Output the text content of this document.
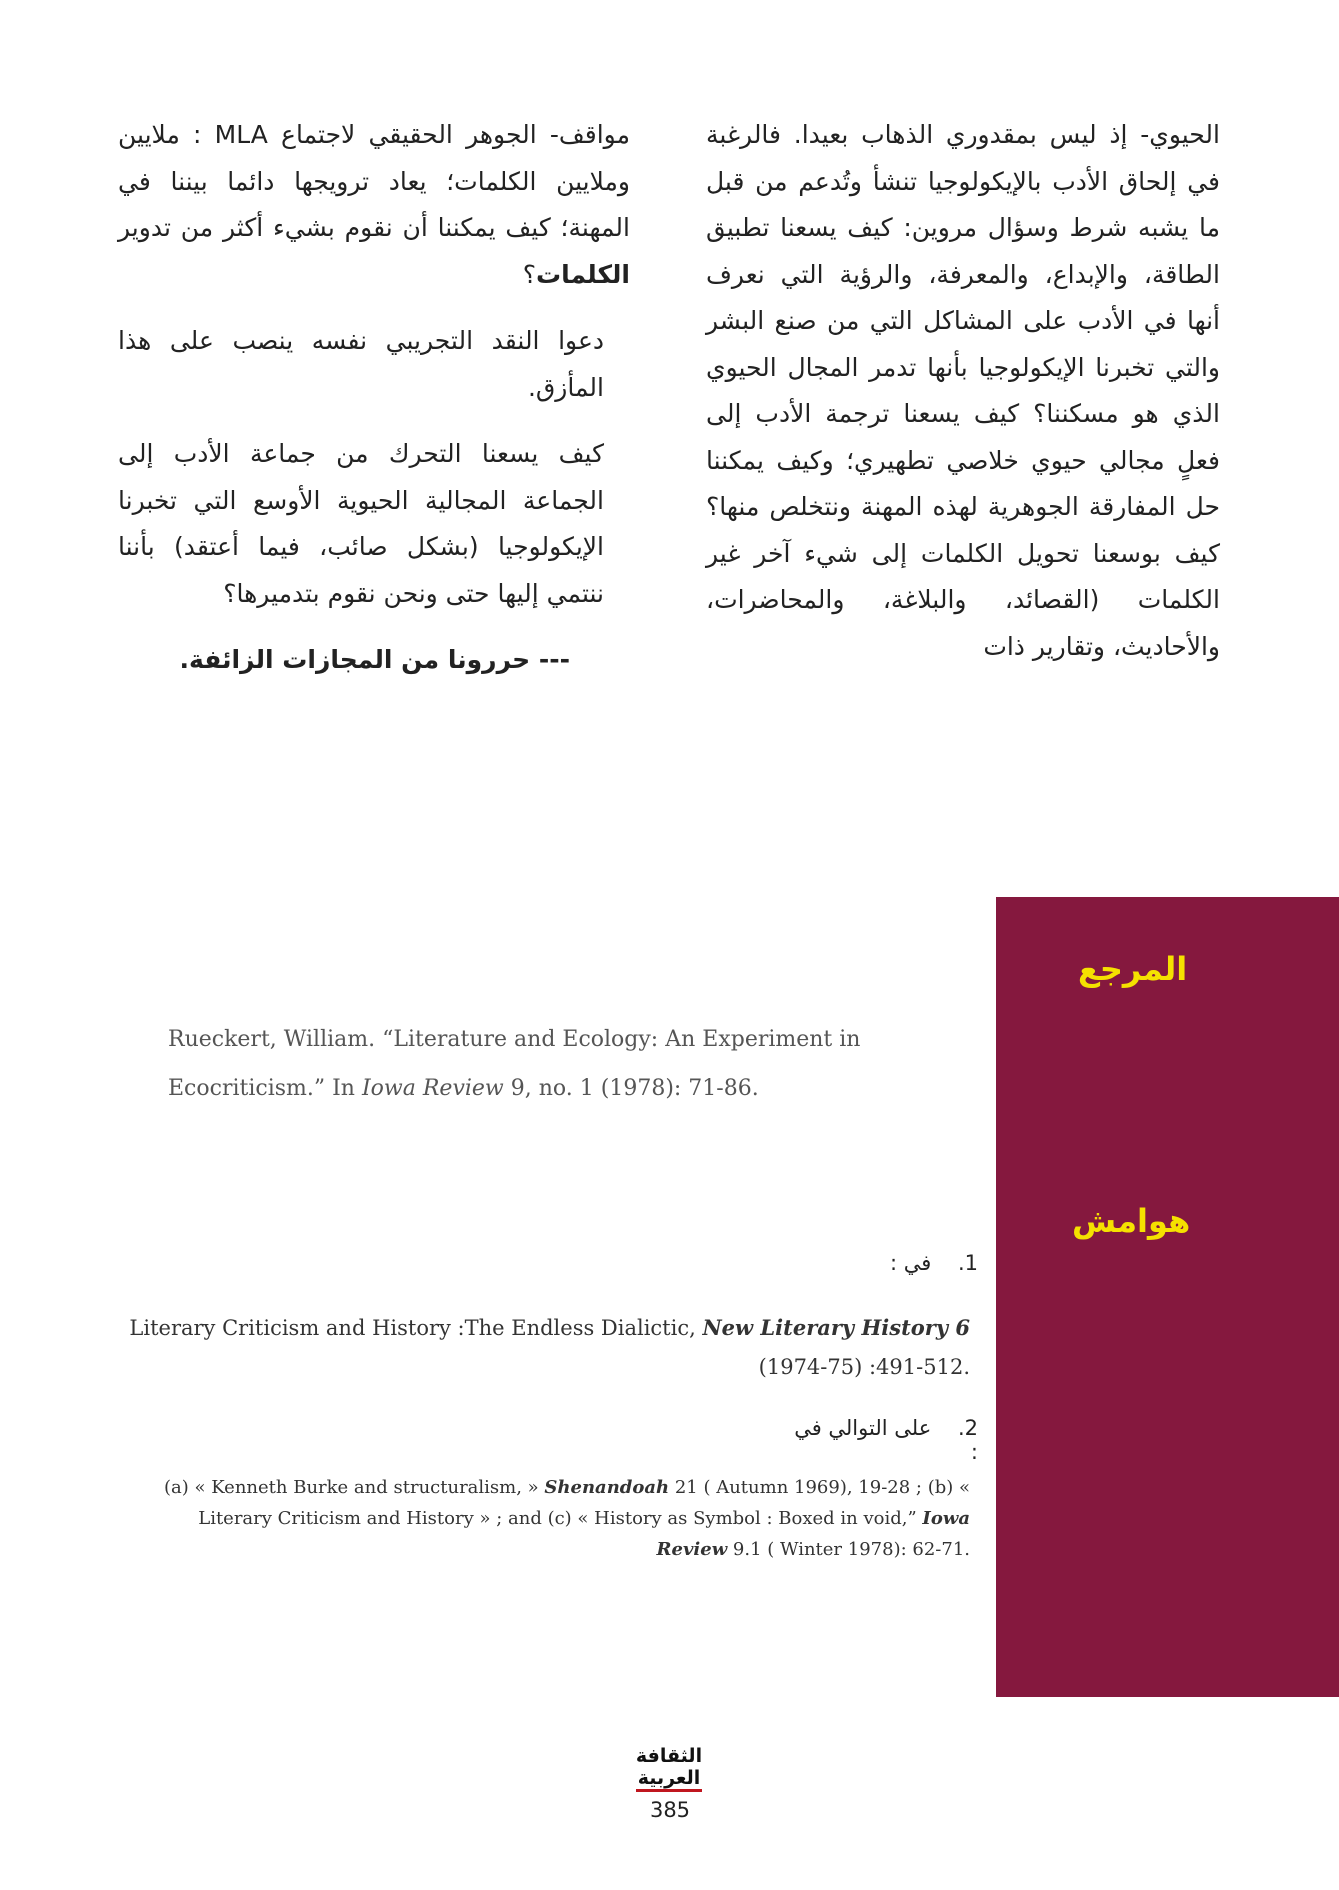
الحيوي- إذ ليس بمقدوري الذهاب بعيدا. فالرغبة في إلحاق الأدب بالإيكولوجيا تنشأ وتُدعم من قبل ما يشبه شرط وسؤال مروين: كيف يسعنا تطبيق الطاقة، والإبداع، والمعرفة، والرؤية التي نعرف أنها في الأدب على المشاكل التي من صنع البشر والتي تخبرنا الإيكولوجيا بأنها تدمر المجال الحيوي الذي هو مسكننا؟ كيف يسعنا ترجمة الأدب إلى فعلٍ مجالي حيوي خلاصي تطهيري؛ وكيف يمكننا حل المفارقة الجوهرية لهذه المهنة ونتخلص منها؟ كيف بوسعنا تحويل الكلمات إلى شيء آخر غير الكلمات (القصائد، والبلاغة، والمحاضرات، والأحاديث، وتقارير ذات

مواقف- الجوهر الحقيقي لاجتماع MLA : ملايين وملايين الكلمات؛ يعاد ترويجها دائما بيننا في المهنة؛ كيف يمكننا أن نقوم بشيء أكثر من تدوير الكلمات؟

دعوا النقد التجريبي نفسه ينصب على هذا المأزق.

كيف يسعنا التحرك من جماعة الأدب إلى الجماعة المجالية الحيوية الأوسع التي تخبرنا الإيكولوجيا (بشكل صائب، فيما أعتقد) بأننا ننتمي إليها حتى ونحن نقوم بتدميرها؟

--- حررونا من المجازات الزائفة.

المرجع
هوامش
Rueckert, William. “Literature and Ecology: An Experiment in Ecocriticism.” In Iowa Review 9, no. 1 (1978): 71-86.
1.    في :
Literary Criticism and History :The Endless Dialictic, New Literary History 6 (1974-75) :491-512.
2.    على التوالي في :
(a) « Kenneth Burke and structuralism, » Shenandoah 21 ( Autumn 1969), 19-28 ; (b) « Literary Criticism and History » ; and (c) « History as Symbol : Boxed in void,” Iowa Review 9.1 ( Winter 1978): 62-71.
الثقافة
العربية
385
